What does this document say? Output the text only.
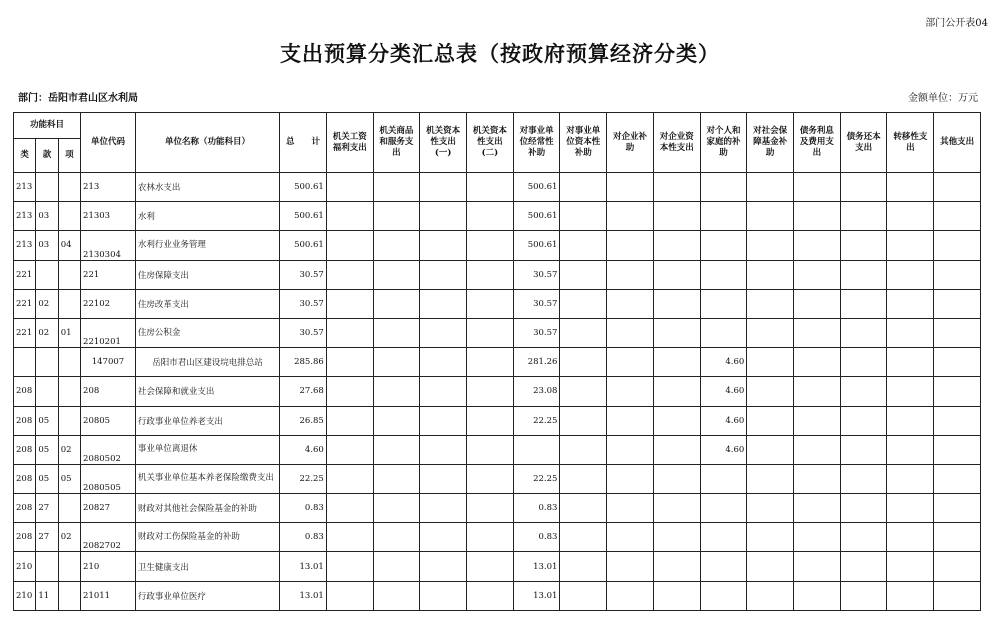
部门公开表04
支出预算分类汇总表（按政府预算经济分类）
部门：岳阳市君山区水利局	金额单位：万元
功能科目			单位代码	单位名称（功能科目）	总　　计	机关工资福利支出	机关商品和服务支出	机关资本性支出(一)	机关资本性支出(二)	对事业单位经常性补助	对事业单位资本性补助	对企业补助	对企业资本性支出	对个人和家庭的补助	对社会保障基金补助	债务利息及费用支出	债务还本支出	转移性支出	其他支出
类	款	项																	
213			213	农林水支出	500.61					500.61									
213	03		21303	水利	500.61					500.61									
213	03	04	2130304	水利行业业务管理	500.61					500.61									
221			221	住房保障支出	30.57					30.57									
221	02		22102	住房改革支出	30.57					30.57									
221	02	01	2210201	住房公积金	30.57					30.57									
			147007	岳阳市君山区建设垸电排总站	285.86					281.26				4.60					
208			208	社会保障和就业支出	27.68					23.08				4.60					
208	05		20805	行政事业单位养老支出	26.85					22.25				4.60					
208	05	02	2080502	事业单位离退休	4.60									4.60					
208	05	05	2080505	机关事业单位基本养老保险缴费支出	22.25					22.25									
208	27		20827	财政对其他社会保险基金的补助	0.83					0.83									
208	27	02	2082702	财政对工伤保险基金的补助	0.83					0.83									
210			210	卫生健康支出	13.01					13.01									
210	11		21011	行政事业单位医疗	13.01					13.01									
